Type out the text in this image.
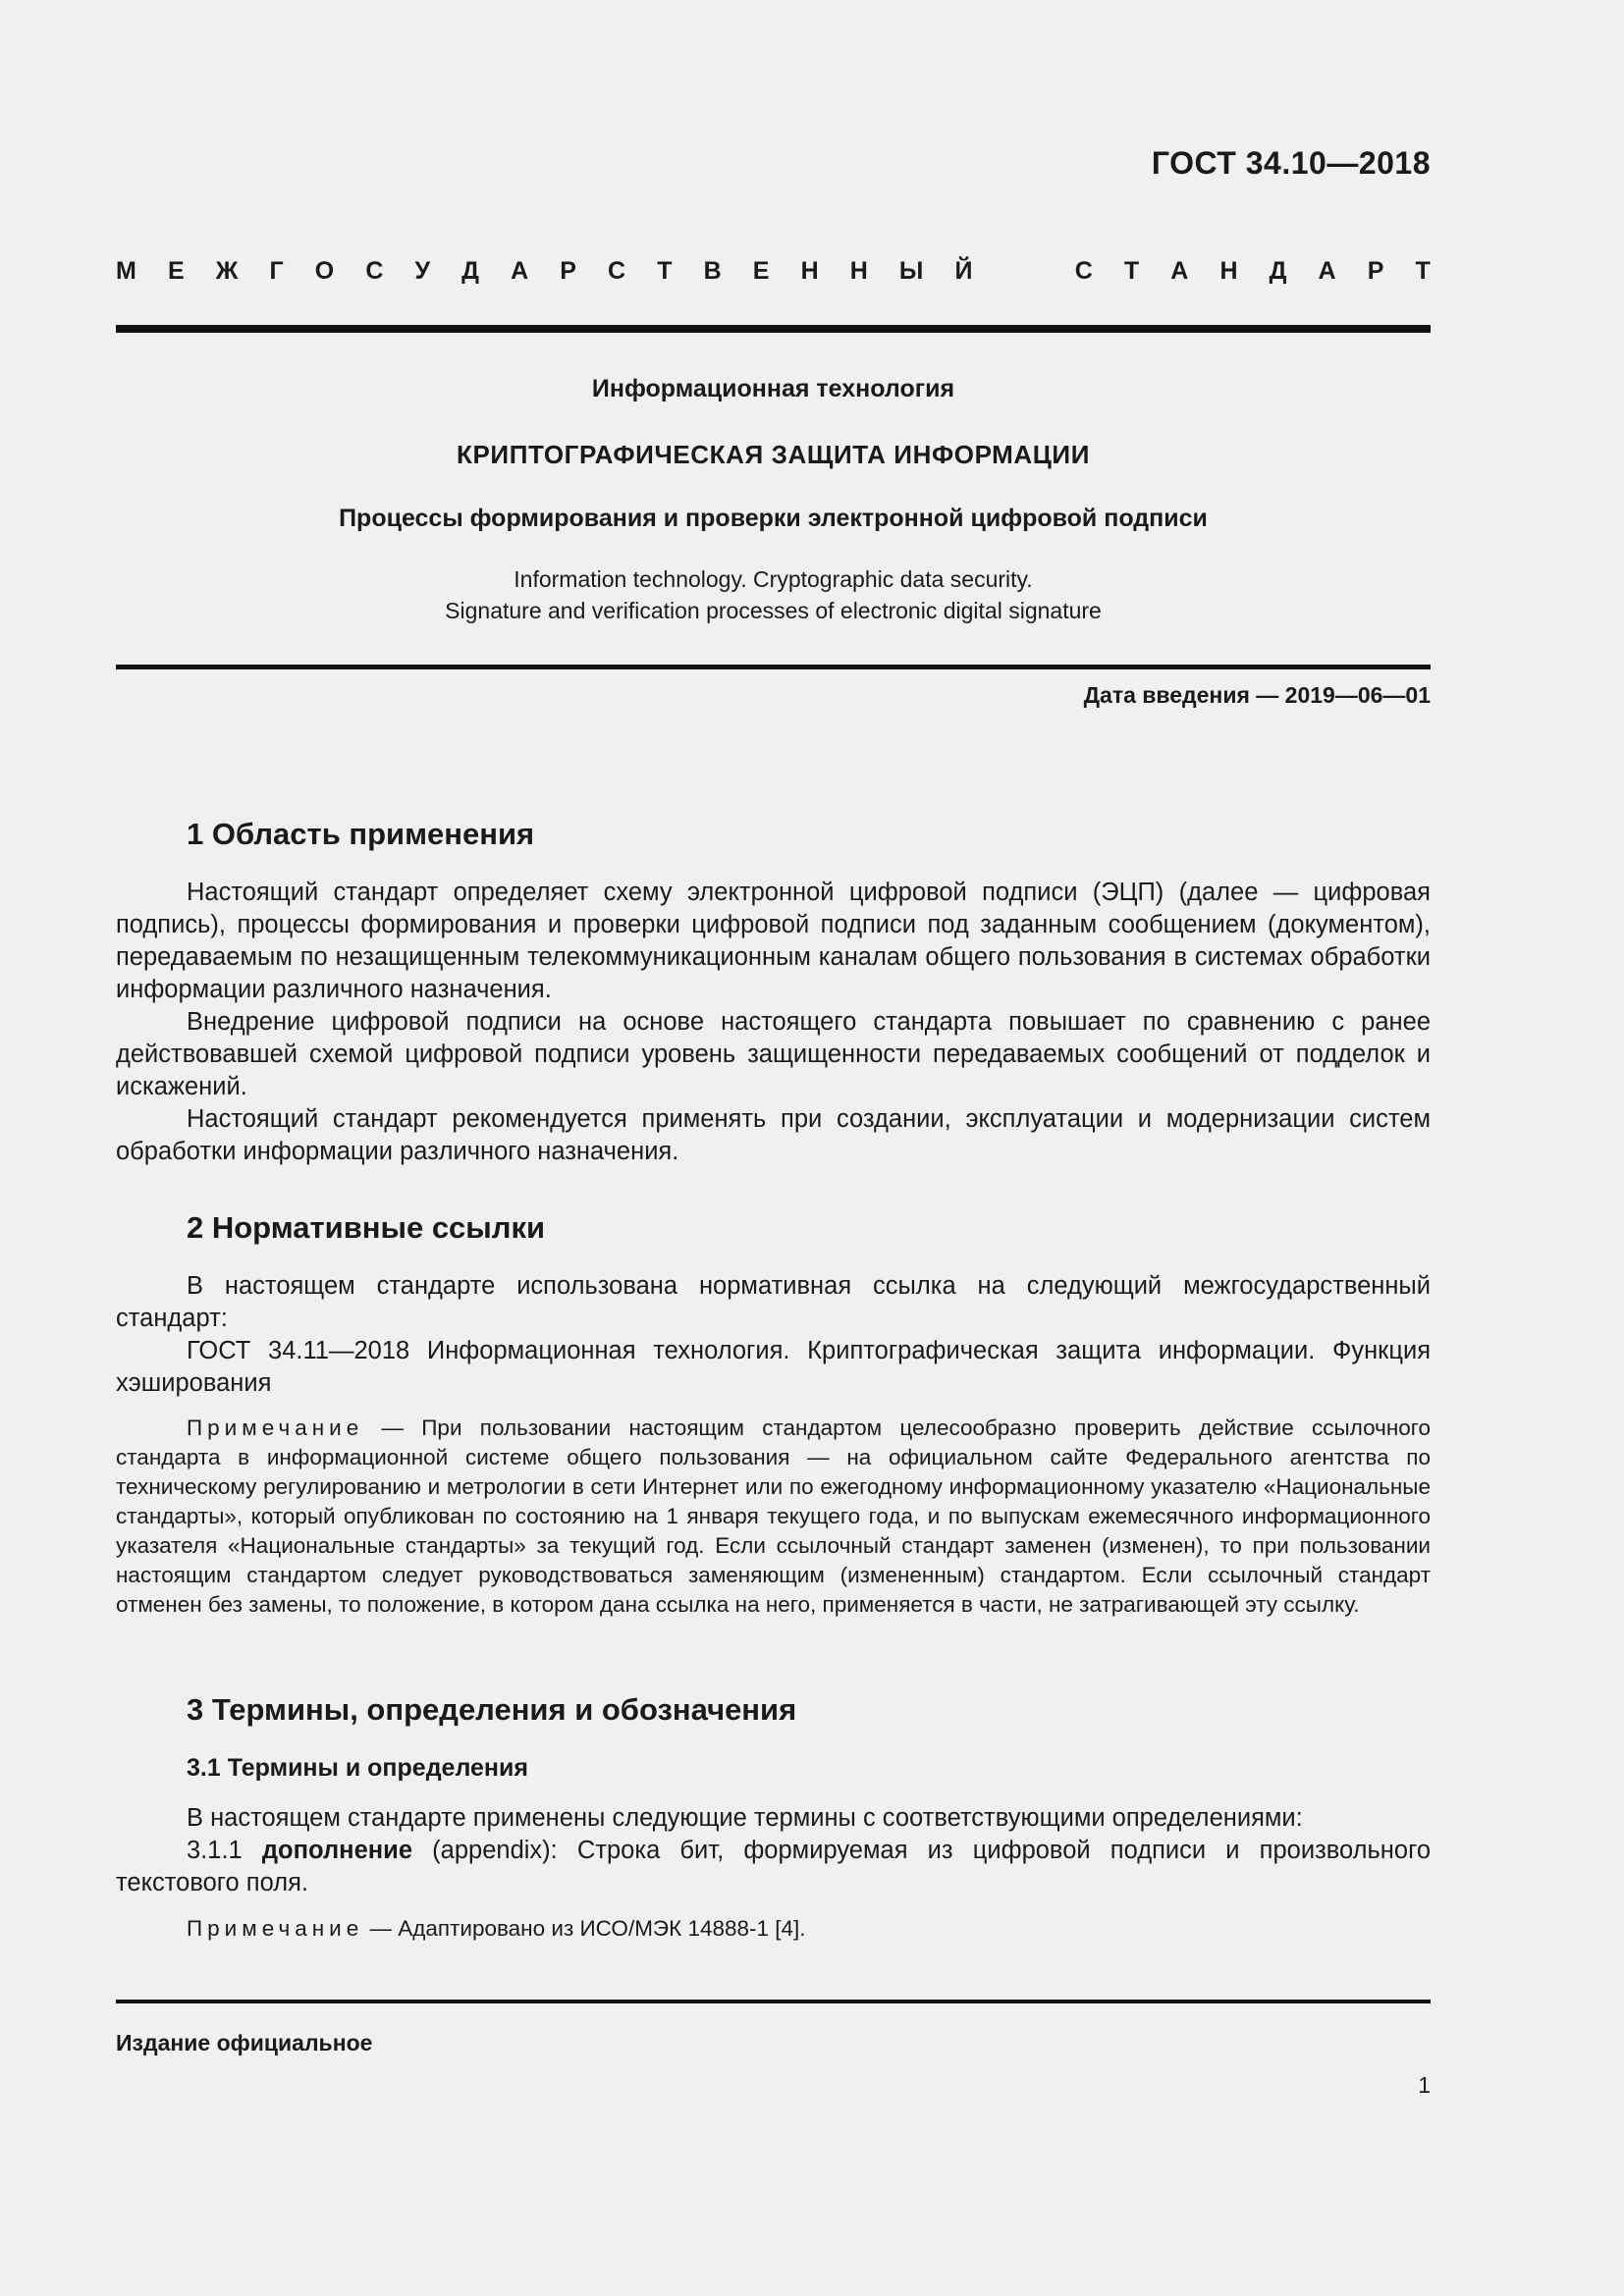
ГОСТ 34.10—2018
М Е Ж Г О С У Д А Р С Т В Е Н Н Ы Й	С Т А Н Д А Р Т
Информационная технология
КРИПТОГРАФИЧЕСКАЯ ЗАЩИТА ИНФОРМАЦИИ
Процессы формирования и проверки электронной цифровой подписи
Information technology. Cryptographic data security.
Signature and verification processes of electronic digital signature
Дата введения — 2019—06—01
1 Область применения

Настоящий стандарт определяет схему электронной цифровой подписи (ЭЦП) (далее — цифровая подпись), процессы формирования и проверки цифровой подписи под заданным сообщением (документом), передаваемым по незащищенным телекоммуникационным каналам общего пользования в системах обработки информации различного назначения.

Внедрение цифровой подписи на основе настоящего стандарта повышает по сравнению с ранее действовавшей схемой цифровой подписи уровень защищенности передаваемых сообщений от подделок и искажений.

Настоящий стандарт рекомендуется применять при создании, эксплуатации и модернизации систем обработки информации различного назначения.

2 Нормативные ссылки

В настоящем стандарте использована нормативная ссылка на следующий межгосударственный стандарт:

ГОСТ 34.11—2018 Информационная технология. Криптографическая защита информации. Функция хэширования

Примечание — При пользовании настоящим стандартом целесообразно проверить действие ссылочного стандарта в информационной системе общего пользования — на официальном сайте Федерального агентства по техническому регулированию и метрологии в сети Интернет или по ежегодному информационному указателю «Национальные стандарты», который опубликован по состоянию на 1 января текущего года, и по выпускам ежемесячного информационного указателя «Национальные стандарты» за текущий год. Если ссылочный стандарт заменен (изменен), то при пользовании настоящим стандартом следует руководствоваться заменяющим (измененным) стандартом. Если ссылочный стандарт отменен без замены, то положение, в котором дана ссылка на него, применяется в части, не затрагивающей эту ссылку.

3 Термины, определения и обозначения
3.1 Термины и определения

В настоящем стандарте применены следующие термины с соответствующими определениями:

3.1.1 дополнение (appendix): Строка бит, формируемая из цифровой подписи и произвольного текстового поля.

Примечание — Адаптировано из ИСО/МЭК 14888-1 [4].

Издание официальное
1
